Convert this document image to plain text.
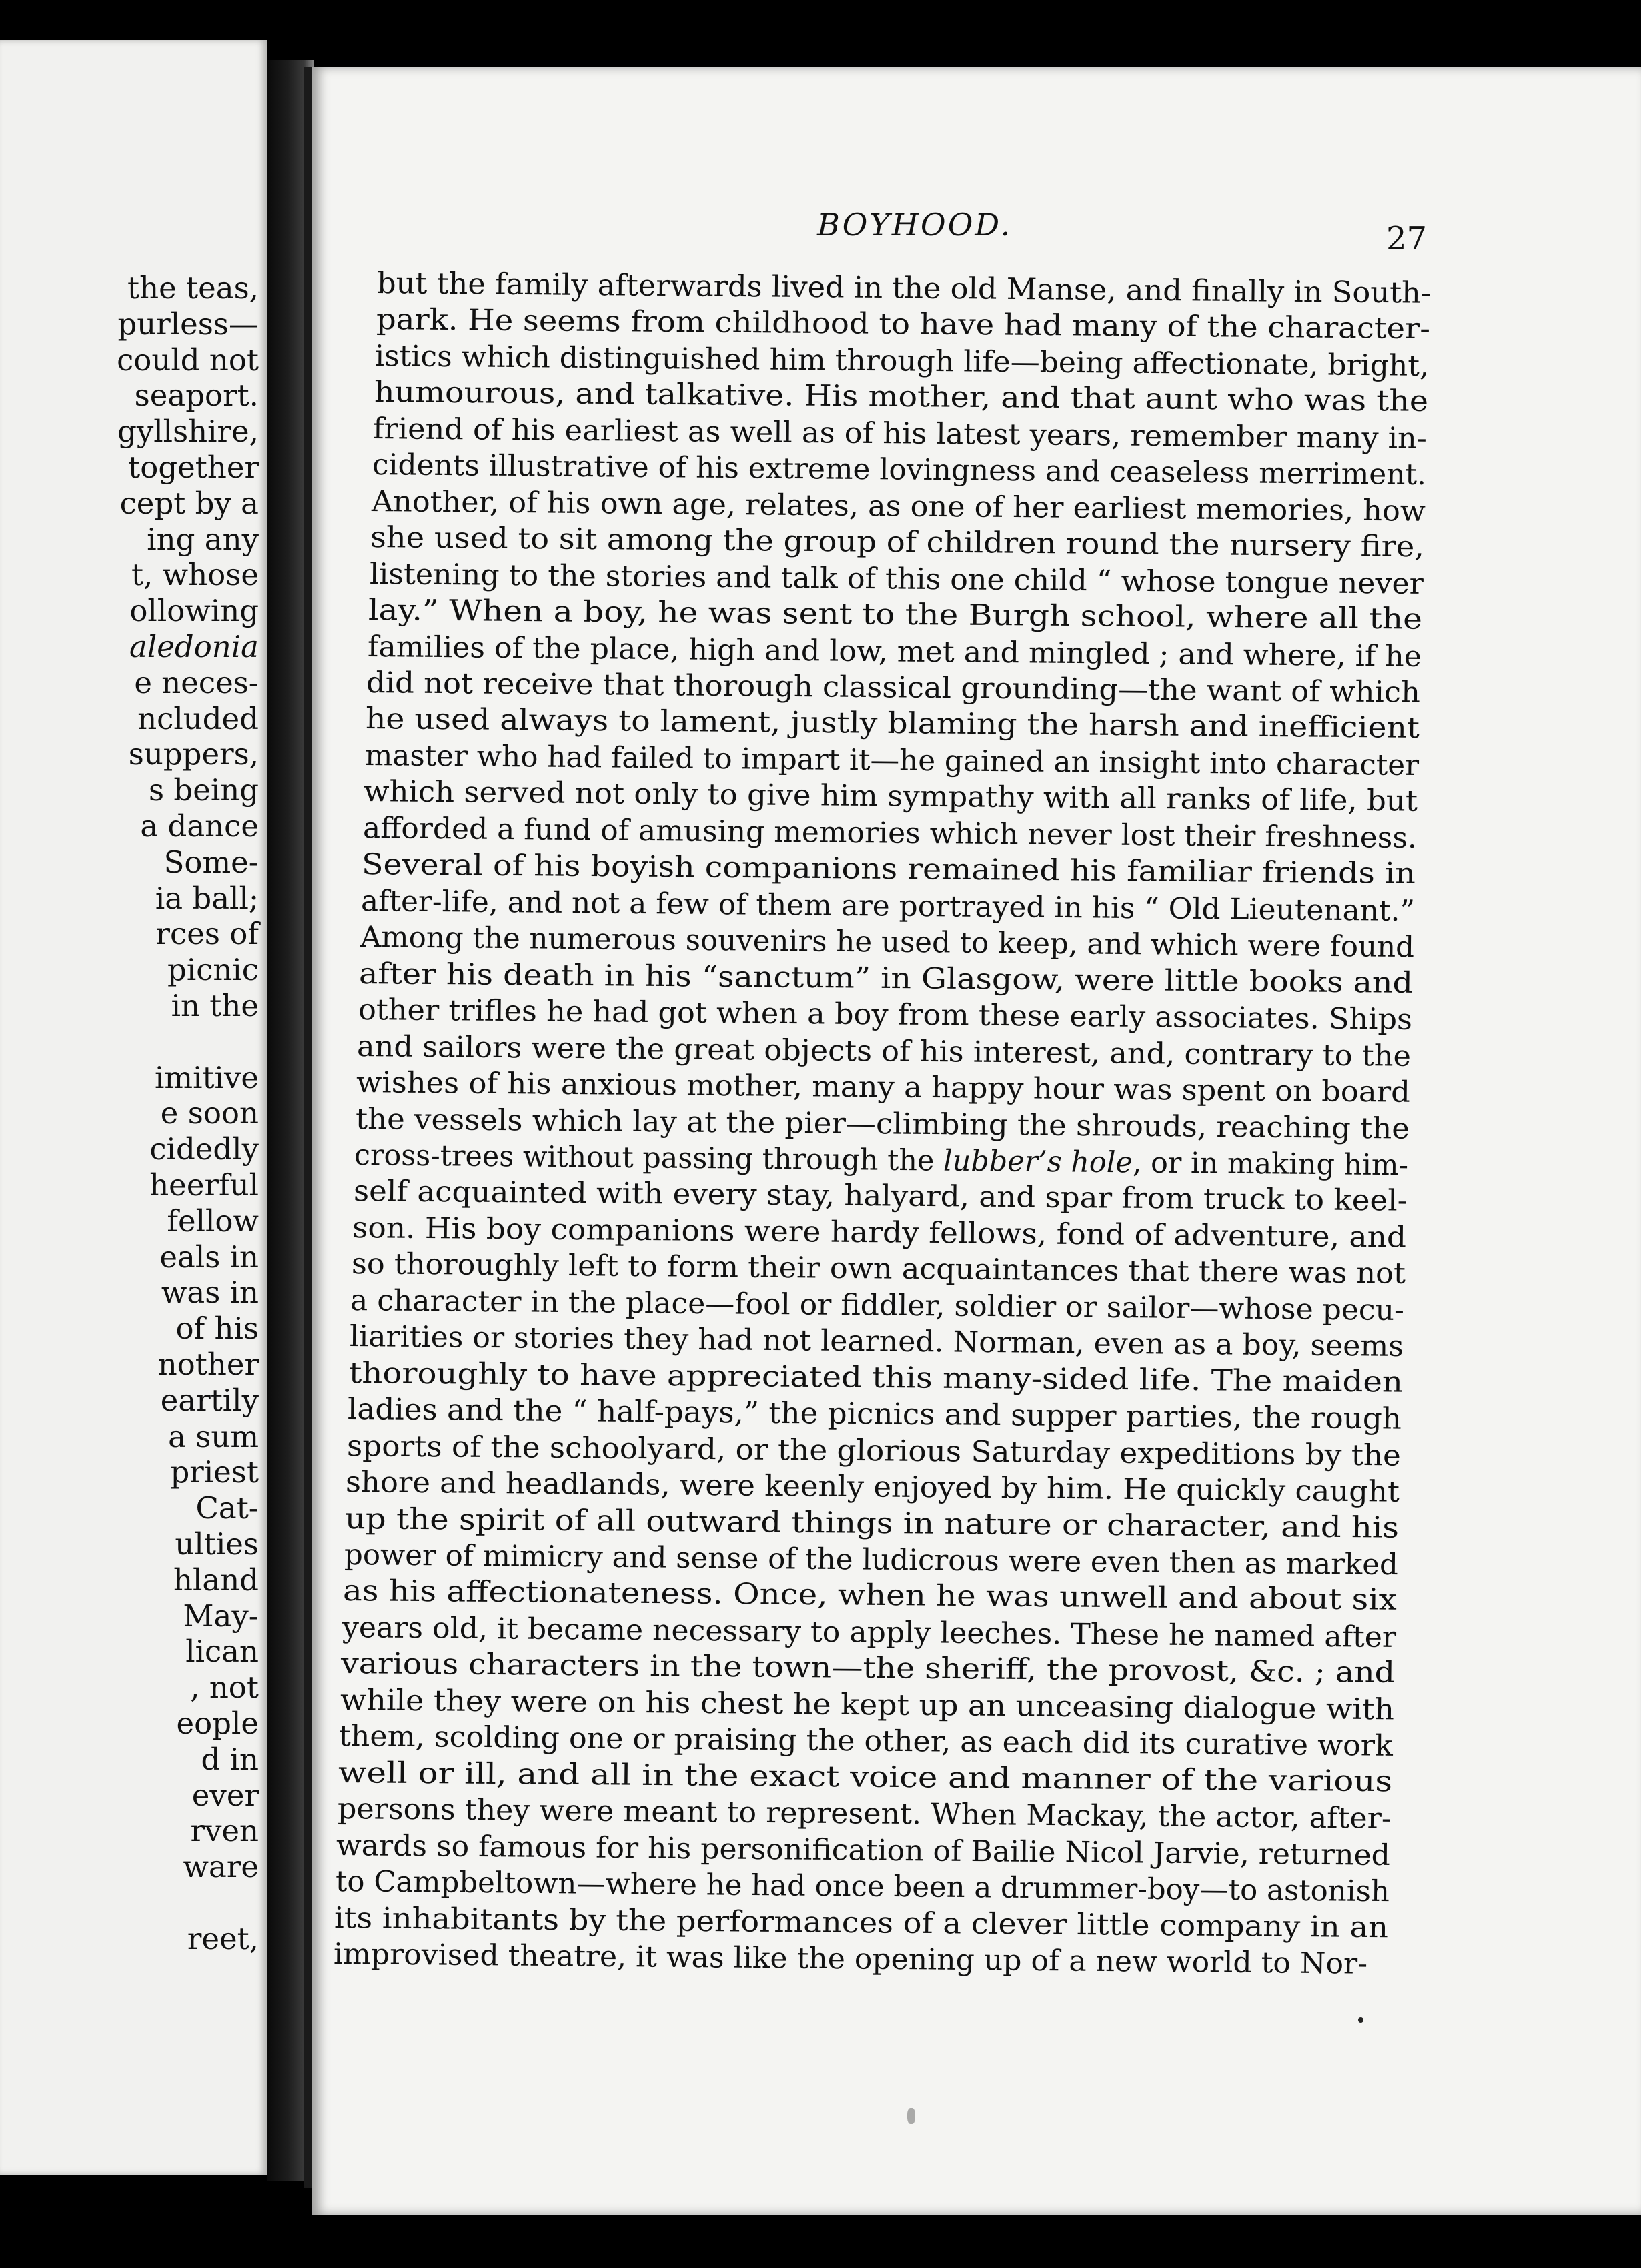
the teas,
purless—
could not
seaport.
gyllshire,
together
cept by a
ing any
t, whose
ollowing
aledonia
e neces-
ncluded
suppers,
s being
a dance
Some-
ia ball;
rces of
picnic
in the
imitive
e soon
cidedly
heerful
fellow
eals in
was in
of his
nother
eartily
a sum
priest
Cat-
ulties
hland
May-
lican
, not
eople
d in
ever
rven
ware
reet,
BOYHOOD.	27
but the family afterwards lived in the old Manse, and finally in South-
park. He seems from childhood to have had many of the character-
istics which distinguished him through life—being affectionate, bright,
humourous, and talkative. His mother, and that aunt who was the
friend of his earliest as well as of his latest years, remember many in-
cidents illustrative of his extreme lovingness and ceaseless merriment.
Another, of his own age, relates, as one of her earliest memories, how
she used to sit among the group of children round the nursery fire,
listening to the stories and talk of this one child “ whose tongue never
lay.” When a boy, he was sent to the Burgh school, where all the
families of the place, high and low, met and mingled ; and where, if he
did not receive that thorough classical grounding—the want of which
he used always to lament, justly blaming the harsh and inefficient
master who had failed to impart it—he gained an insight into character
which served not only to give him sympathy with all ranks of life, but
afforded a fund of amusing memories which never lost their freshness.
Several of his boyish companions remained his familiar friends in
after-life, and not a few of them are portrayed in his “ Old Lieutenant.”
Among the numerous souvenirs he used to keep, and which were found
after his death in his “sanctum” in Glasgow, were little books and
other trifles he had got when a boy from these early associates. Ships
and sailors were the great objects of his interest, and, contrary to the
wishes of his anxious mother, many a happy hour was spent on board
the vessels which lay at the pier—climbing the shrouds, reaching the
cross-trees without passing through the lubber’s hole, or in making him-
self acquainted with every stay, halyard, and spar from truck to keel-
son. His boy companions were hardy fellows, fond of adventure, and
so thoroughly left to form their own acquaintances that there was not
a character in the place—fool or fiddler, soldier or sailor—whose pecu-
liarities or stories they had not learned. Norman, even as a boy, seems
thoroughly to have appreciated this many-sided life. The maiden
ladies and the “ half-pays,” the picnics and supper parties, the rough
sports of the schoolyard, or the glorious Saturday expeditions by the
shore and headlands, were keenly enjoyed by him. He quickly caught
up the spirit of all outward things in nature or character, and his
power of mimicry and sense of the ludicrous were even then as marked
as his affectionateness. Once, when he was unwell and about six
years old, it became necessary to apply leeches. These he named after
various characters in the town—the sheriff, the provost, &c. ; and
while they were on his chest he kept up an unceasing dialogue with
them, scolding one or praising the other, as each did its curative work
well or ill, and all in the exact voice and manner of the various
persons they were meant to represent. When Mackay, the actor, after-
wards so famous for his personification of Bailie Nicol Jarvie, returned
to Campbeltown—where he had once been a drummer-boy—to astonish
its inhabitants by the performances of a clever little company in an
improvised theatre, it was like the opening up of a new world to Nor-
